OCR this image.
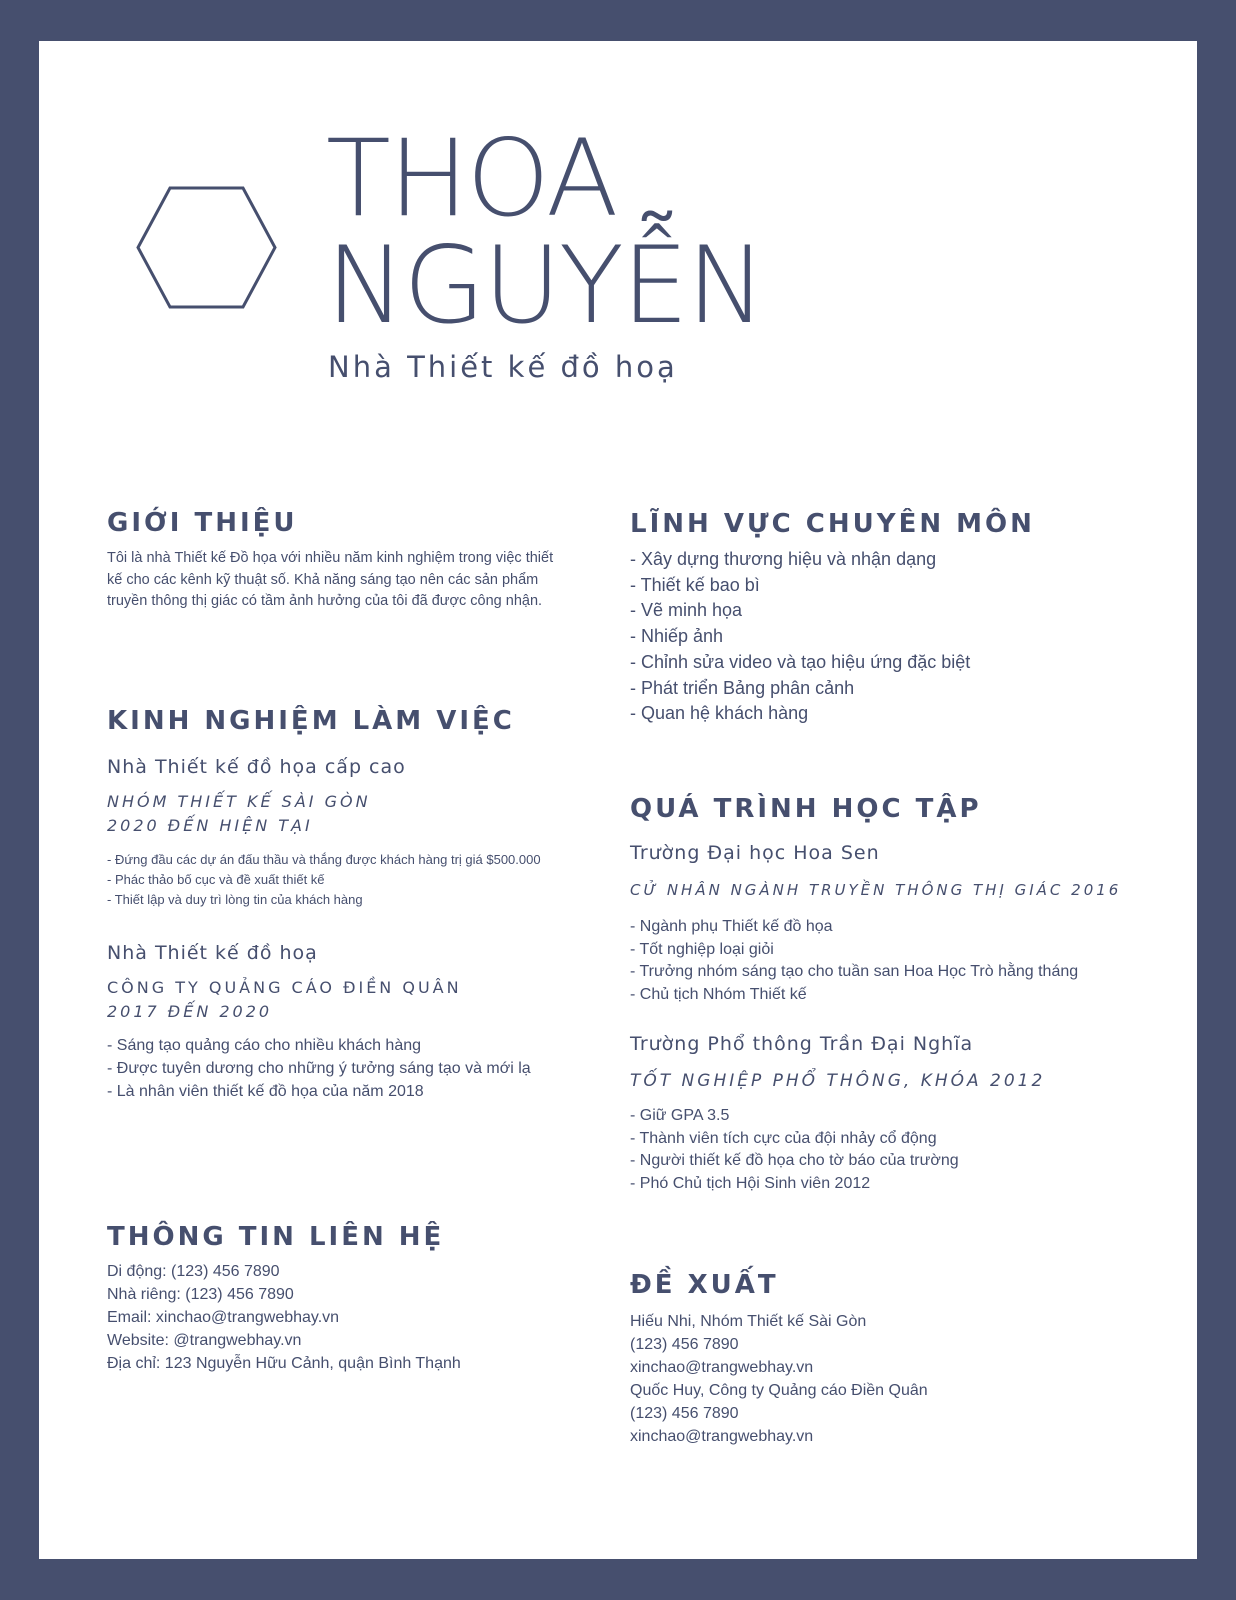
THOA
NGUYỄN

Nhà Thiết kế đồ hoạ

GIỚI THIỆU
Tôi là nhà Thiết kế Đồ họa với nhiều năm kinh nghiệm trong việc thiết
kế cho các kênh kỹ thuật số. Khả năng sáng tạo nên các sản phẩm
truyền thông thị giác có tầm ảnh hưởng của tôi đã được công nhận.
KINH NGHIỆM LÀM VIỆC

Nhà Thiết kế đồ họa cấp cao

NHÓM THIẾT KẾ SÀI GÒN

2020 ĐẾN HIỆN TẠI

- Đứng đầu các dự án đấu thầu và thắng được khách hàng trị giá $500.000
- Phác thảo bố cục và đề xuất thiết kế
- Thiết lập và duy trì lòng tin của khách hàng

Nhà Thiết kế đồ hoạ

CÔNG TY QUẢNG CÁO ĐIỀN QUÂN

2017 ĐẾN 2020

- Sáng tạo quảng cáo cho nhiều khách hàng
- Được tuyên dương cho những ý tưởng sáng tạo và mới lạ
- Là nhân viên thiết kế đồ họa của năm 2018
THÔNG TIN LIÊN HỆ
Di động: (123) 456 7890
Nhà riêng: (123) 456 7890
Email: xinchao@trangwebhay.vn
Website: @trangwebhay.vn
Địa chỉ: 123 Nguyễn Hữu Cảnh, quận Bình Thạnh
LĨNH VỰC CHUYÊN MÔN
- Xây dựng thương hiệu và nhận dạng
- Thiết kế bao bì
- Vẽ minh họa
- Nhiếp ảnh
- Chỉnh sửa video và tạo hiệu ứng đặc biệt
- Phát triển Bảng phân cảnh
- Quan hệ khách hàng
QUÁ TRÌNH HỌC TẬP

Trường Đại học Hoa Sen

CỬ NHÂN NGÀNH TRUYỀN THÔNG THỊ GIÁC 2016

- Ngành phụ Thiết kế đồ họa
- Tốt nghiệp loại giỏi
- Trưởng nhóm sáng tạo cho tuần san Hoa Học Trò hằng tháng
- Chủ tịch Nhóm Thiết kế

Trường Phổ thông Trần Đại Nghĩa

TỐT NGHIỆP PHỔ THÔNG, KHÓA 2012

- Giữ GPA 3.5
- Thành viên tích cực của đội nhảy cổ động
- Người thiết kế đồ họa cho tờ báo của trường
- Phó Chủ tịch Hội Sinh viên 2012
ĐỀ XUẤT
Hiếu Nhi, Nhóm Thiết kế Sài Gòn
(123) 456 7890
xinchao@trangwebhay.vn
Quốc Huy, Công ty Quảng cáo Điền Quân
(123) 456 7890
xinchao@trangwebhay.vn
